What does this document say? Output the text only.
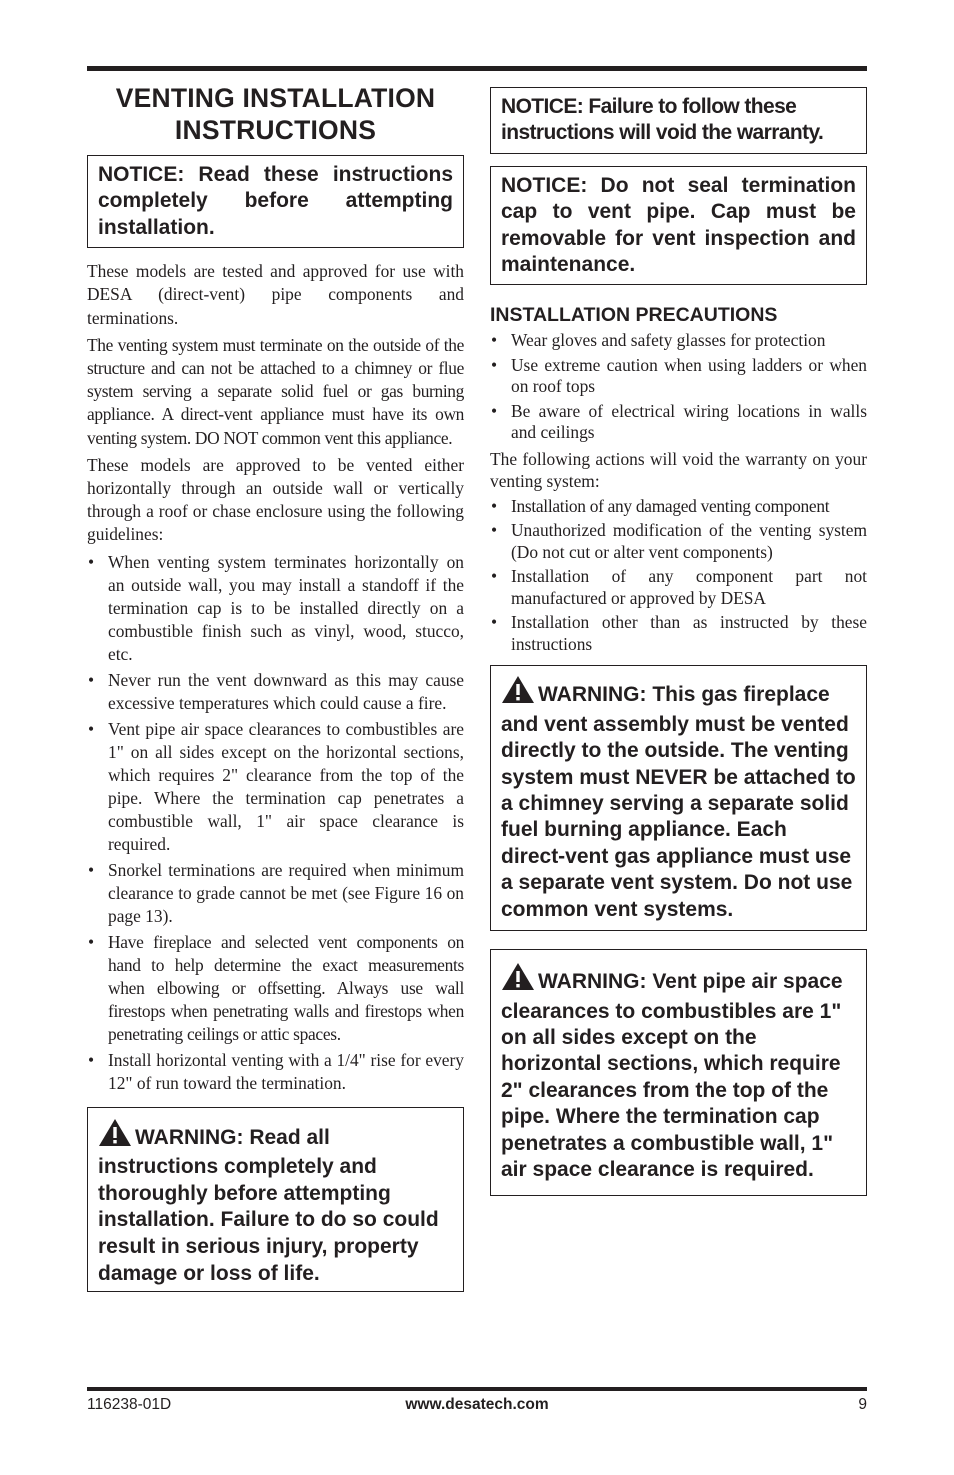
VENTING INSTALLATION INSTRUCTIONS
NOTICE: Read these instructions completely before attempting installation.

These models are tested and approved for use with DESA (direct-vent) pipe components and terminations.

The venting system must terminate on the outside of the structure and can not be attached to a chimney or flue system serving a separate solid fuel or gas burning appliance. A direct-vent appliance must have its own venting system. DO NOT common vent this appliance.

These models are approved to be vented either horizontally through an outside wall or vertically through a roof or chase enclosure using the following guidelines:

• When venting system terminates horizontally on an outside wall, you may install a standoff if the termination cap is to be installed directly on a combustible finish such as vinyl, wood, stucco, etc.
• Never run the vent downward as this may cause excessive temperatures which could cause a fire.
• Vent pipe air space clearances to combustibles are 1" on all sides except on the horizontal sections, which requires 2" clearance from the top of the pipe. Where the termination cap penetrates a combustible wall, 1" air space clearance is required.
• Snorkel terminations are required when minimum clearance to grade cannot be met (see Figure 16 on page 13).
• Have fireplace and selected vent components on hand to help determine the exact measurements when elbowing or offsetting. Always use wall firestops when penetrating walls and firestops when penetrating ceilings or attic spaces.
• Install horizontal venting with a 1/4" rise for every 12" of run toward the termination.
WARNING: Read all instructions completely and thoroughly before attempting installation. Failure to do so could result in serious injury, property damage or loss of life.
NOTICE: Failure to follow these instructions will void the warranty.
NOTICE: Do not seal termination cap to vent pipe. Cap must be removable for vent inspection and maintenance.
INSTALLATION PRECAUTIONS
• Wear gloves and safety glasses for protection
• Use extreme caution when using ladders or when on roof tops
• Be aware of electrical wiring locations in walls and ceilings

The following actions will void the warranty on your venting system:

• Installation of any damaged venting component
• Unauthorized modification of the venting system (Do not cut or alter vent components)
• Installation of any component part not manufactured or approved by DESA
• Installation other than as instructed by these instructions
WARNING: This gas fireplace and vent assembly must be vented directly to the outside. The venting system must NEVER be attached to a chimney serving a separate solid fuel burning appliance. Each direct-vent gas appliance must use a separate vent system. Do not use common vent systems.
WARNING: Vent pipe air space clearances to combustibles are 1" on all sides except on the horizontal sections, which require 2" clearances from the top of the pipe. Where the termination cap penetrates a combustible wall, 1" air space clearance is required.
116238-01D	www.desatech.com	9
